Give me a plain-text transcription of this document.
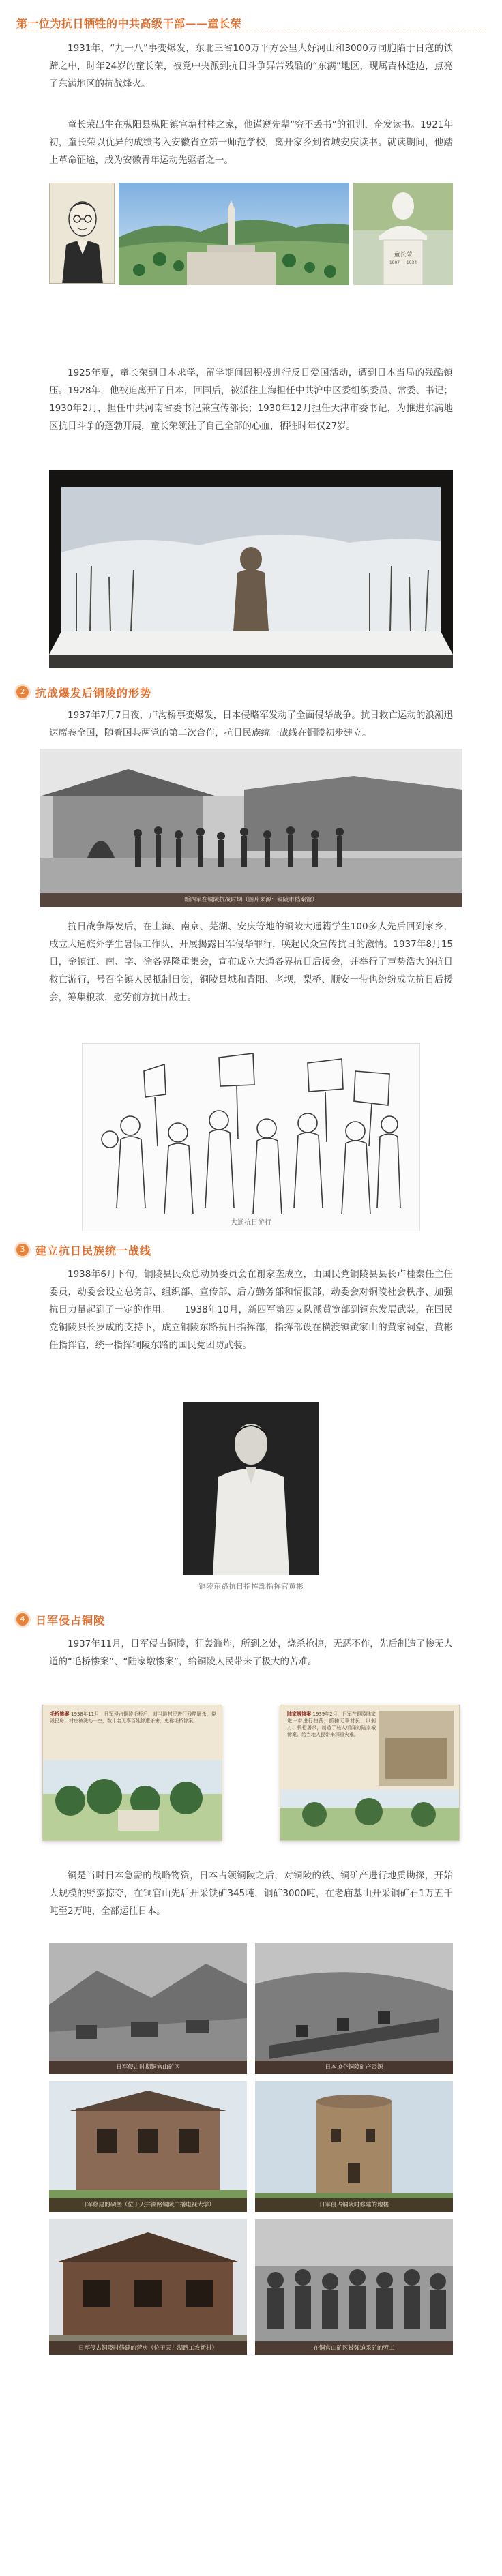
第一位为抗日牺牲的中共高级干部——童长荣

1931年，“九一八”事变爆发，东北三省100万平方公里大好河山和3000万同胞陷于日寇的铁蹄之中，时年24岁的童长荣，被党中央派到抗日斗争异常残酷的“东满”地区，现属吉林延边，点亮了东满地区的抗战烽火。

童长荣出生在枞阳县枞阳镇官塘村桂之家，他谨遵先辈“穷不丢书”的祖训，奋发读书。1921年初，童长荣以优异的成绩考入安徽省立第一师范学校，离开家乡到省城安庆读书。就读期间，他踏上革命征途，成为安徽青年运动先驱者之一。

童长荣
1907 — 1934

1925年夏，童长荣到日本求学，留学期间因积极进行反日爱国活动，遭到日本当局的残酷镇压。1928年，他被迫离开了日本，回国后，被派往上海担任中共沪中区委组织委员、常委、书记；1930年2月，担任中共河南省委书记兼宣传部长；1930年12月担任天津市委书记，为推进东满地区抗日斗争的蓬勃开展，童长荣领注了自己全部的心血，牺牲时年仅27岁。

2 抗战爆发后铜陵的形势

1937年7月7日夜，卢沟桥事变爆发，日本侵略军发动了全面侵华战争。抗日救亡运动的浪潮迅速席卷全国，随着国共两党的第二次合作，抗日民族统一战线在铜陵初步建立。

新四军在铜陵抗战时期（图片来源：铜陵市档案馆）

抗日战争爆发后，在上海、南京、芜湖、安庆等地的铜陵大通籍学生100多人先后回到家乡，成立大通旅外学生暑假工作队，开展揭露日军侵华罪行，唤起民众宣传抗日的激情。1937年8月15日，金镇江、南、字、徐各界隆重集会，宣布成立大通各界抗日后援会，并举行了声势浩大的抗日救亡游行，号召全镇人民抵制日货，铜陵县城和青阳、老坝，梨桥、顺安一带也纷纷成立抗日后援会，筹集粮款，慰劳前方抗日战士。

大通抗日游行
3 建立抗日民族统一战线

1938年6月下旬，铜陵县民众总动员委员会在谢家垄成立，由国民党铜陵县县长卢桂秦任主任委员，动委会设立总务部、组织部、宣传部、后方勤务部和情报部，动委会对铜陵社会秩序、加强抗日力量起到了一定的作用。　　1938年10月，新四军第四支队派黄宽部到铜东发展武装，在国民党铜陵县长罗成的支持下，成立铜陵东路抗日指挥部，指挥部设在横渡镇黄家山的黄家祠堂，黄彬任指挥官，统一指挥铜陵东路的国民党团防武装。

铜陵东路抗日指挥部指挥官黄彬
4 日军侵占铜陵

1937年11月，日军侵占铜陵，狂轰滥炸，所到之处，烧杀抢掠，无恶不作，先后制造了惨无人道的“毛桥惨案”、“陆家墩惨案”，给铜陵人民带来了极大的苦难。

毛桥惨案 1938年11月，日军侵占铜陵毛桥后，对当地村民进行残酷屠杀，烧毁民房，村庄被洗劫一空，数十名无辜百姓惨遭杀害，史称毛桥惨案。
陆家墩惨案 1939年2月，日军在铜陵陆家墩一带进行扫荡，抓捕无辜村民，以刺刀、机枪屠杀，制造了骇人听闻的陆家墩惨案，给当地人民带来深重灾难。

铜是当时日本急需的战略物资，日本占领铜陵之后，对铜陵的铁、铜矿产进行地质勘探，开始大规模的野蛮掠夺，在铜官山先后开采铁矿345吨，铜矿3000吨，在老庙基山开采铜矿石1万五千吨至2万吨，全部运往日本。

日军侵占时期铜官山矿区	日本掠夺铜陵矿产资源
日军修建的碉堡（位于天井湖路铜陵广播电视大学）	日军侵占铜陵时修建的炮楼
日军侵占铜陵时修建的营房（位于天井湖路工农新村）	在铜官山矿区被强迫采矿的劳工
